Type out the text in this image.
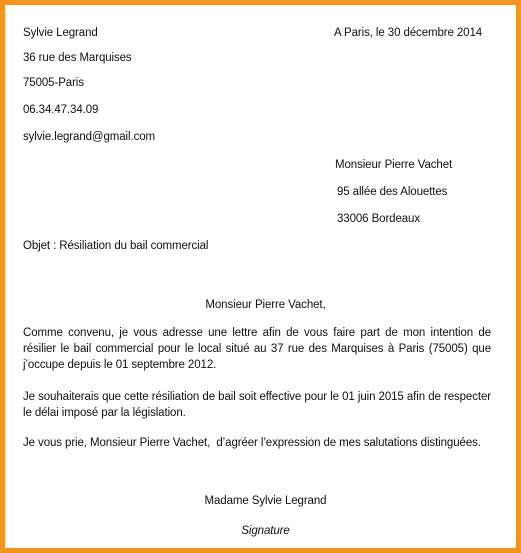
Sylvie Legrand
36 rue des Marquises
75005-Paris
06.34.47.34.09
sylvie.legrand@gmail.com
A Paris, le 30 décembre 2014
Monsieur Pierre Vachet
95 allée des Alouettes
33006 Bordeaux
Objet : Résiliation du bail commercial
Monsieur Pierre Vachet,
Comme convenu, je vous adresse une lettre afin de vous faire part de mon intention de résilier le bail commercial pour le local situé au 37 rue des Marquises à Paris (75005) que j’occupe depuis le 01 septembre 2012.
Je souhaiterais que cette résiliation de bail soit effective pour le 01 juin 2015 afin de respecter le délai imposé par la législation.
Je vous prie, Monsieur Pierre Vachet,  d’agréer l’expression de mes salutations distinguées.
Madame Sylvie Legrand
Signature
